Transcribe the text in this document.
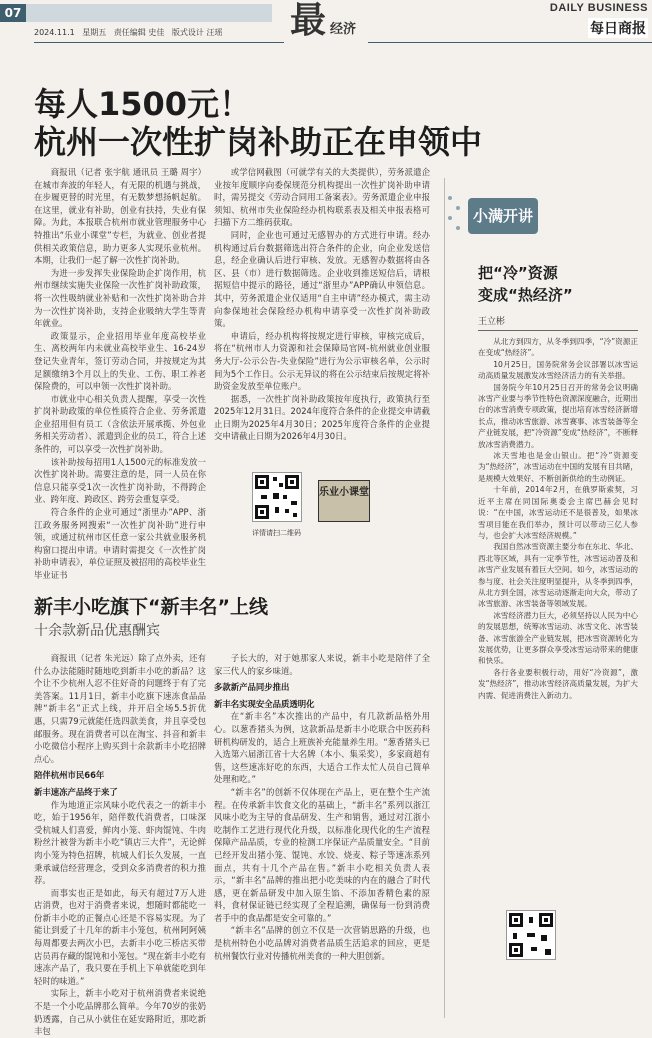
07
2024.11.1 星期五 责任编辑 史佳 版式设计 汪瑶 最 经济
DAILY BUSINESS
每日商报
每人1500元！
杭州一次性扩岗补助正在申领中

商报讯（记者 张宇航 通讯员 王璐 周宇）在城市奔波的年轻人，有无限的机遇与挑战，在步履更替的时光里，有无数梦想扬帆起航。在这里，就业有补助，创业有扶持，失业有保障。为此，本报联合杭州市就业管理服务中心特推出“乐业小课堂”专栏，为就业、创业者提供相关政策信息，助力更多人实现乐业杭州。本期，让我们一起了解一次性扩岗补助。

为进一步发挥失业保险助企扩岗作用，杭州市继续实施失业保险一次性扩岗补助政策，将一次性吸纳就业补贴和一次性扩岗补助合并为一次性扩岗补助，支持企业吸纳大学生等青年就业。

政策显示，企业招用毕业年度高校毕业生、离校两年内未就业高校毕业生、16-24岁登记失业青年，签订劳动合同，并按规定为其足额缴纳3个月以上的失业、工伤、职工养老保险费的，可以申领一次性扩岗补助。

市就业中心相关负责人提醒，享受一次性扩岗补助政策的单位性质符合企业、劳务派遣企业招用但有员工（含依法开展承揽、外包业务相关劳动者）、派遣到企业的员工，符合上述条件的，可以享受一次性扩岗补助。

该补助按每招用1人1500元的标准发放一次性扩岗补助。需要注意的是，同一人员在你信息只能享受1次一次性扩岗补助，不得跨企业、跨年度、跨政区、跨劳会重复享受。

符合条件的企业可通过“浙里办”APP、浙江政务服务网搜索“一次性扩岗补助”进行申领，或通过杭州市区任意一家公共就业服务机构窗口提出申请。申请时需提交《一次性扩岗补助申请表》，单位证照及被招用的高校毕业生毕业证书

或学信网截图（可就学有关的大类提供），劳务派遣企业按年度顺序向委保规范分机构提出一次性扩岗补助申请时，需另提交《劳动合同用工备案表》。劳务派遣企业申报须知、杭州市失业保险经办机构联系表及相关申报表格可扫描下方二维码获取。

同时，企业也可通过无感智办的方式进行申请。经办机构通过后台数据筛选出符合条件的企业，向企业发送信息，经企业确认后进行审核、发放。无感智办数据将由各区、县（市）进行数据筛选。企业收到推送短信后，请根据短信中提示的路径，通过“浙里办”APP确认申领信息。其中，劳务派遣企业仅适用“自主申请”经办模式，需主动向参保地社会保险经办机构申请享受一次性扩岗补助政策。

申请后，经办机构将按规定进行审核，审核完成后，将在“杭州市人力资源和社会保障局官网-杭州就业创业服务大厅-公示公告-失业保险”进行为公示审核名单，公示时间为5个工作日。公示无异议的将在公示结束后按规定将补助资金发放至单位账户。

据悉，一次性扩岗补助政策按年度执行，政策执行至2025年12月31日。2024年度符合条件的企业提交申请截止日期为2025年4月30日；2025年度符合条件的企业提交申请截止日期为2026年4月30日。

详情请扫二维码
乐业小课堂
新丰小吃旗下“新丰名”上线
十余款新品优惠酬宾

商报讯（记者 朱光远）除了点外卖，还有什么办法能随时随地吃到新丰小吃的新品？这个让不少杭州人忍不住好奇的问题终于有了完美答案。11月1日，新丰小吃旗下速冻食品品牌“新丰名”正式上线，并开启全场5.5折优惠，只需79元就能任选四款美食，并且享受包邮服务。现在消费者可以在淘宝、抖音和新丰小吃微信小程序上购买到十余款新丰小吃招牌点心。

陪伴杭州市民66年

新丰速冻产品终于来了

作为地道正宗风味小吃代表之一的新丰小吃，始于1956年，陪伴数代消费者，口味深受杭城人们喜爱，鲜肉小笼、虾肉馄饨、牛肉粉丝汁被誉为新丰小吃“镇店三大件”，无论鲜肉小笼为特色招牌，杭城人们长久发展，一直秉承诚信经营理念，受到众多消费者的积力推荐。

而事实也正是如此，每天有超过7万人进店消费，也对于消费者来说，想随时都能吃一份新丰小吃的正餐点心还是不容易实现。为了能让到爱了十几年的新丰小笼包，杭州阿阿姨每周都要去两次小巴，去新丰小吃三桥店买带店员再存藏的馄饨和小笼包。“现在新丰小吃有速冻产品了，我只要在手机上下单就能吃到年轻时的味道。”

实际上，新丰小吃对于杭州消费者来说绝不是一个小吃品牌那么简单。今年70岁的张奶奶透露，自己从小就住在延安路附近，那吃新丰包

子长大的，对于她那家人来说，新丰小吃是陪伴了全家三代人的家乡味道。

多款新产品同步推出

新丰名实现安全品质透明化

在“新丰名”本次推出的产品中，有几款新品格外用心。以葱香猪头为例，这款新品是新丰小吃联合中医药科研机构研发的，适合上班族补充能量养生用。“葱香猪头已入选第六届浙江省十大名牌（本小、集采奖），多家商超有售，这些速冻好吃的东西，大适合工作太忙人员自己简单处理和吃。”

“新丰名”的创新不仅体现在产品上，更在整个生产流程。在传承新丰饮食文化的基础上，“新丰名”系列以浙江风味小吃为主导的食品研发、生产和销售，通过对江浙小吃制作工艺进行现代化升级，以标准化现代化的生产流程保障产品品质，专业的检测工序保证产品质量安全。“目前已经开发出猪小笼、馄饨、水饺、烧麦、粽子等速冻系列面点，共有十几个产品在售。”新丰小吃相关负责人表示，“新丰名”品牌的推出把小吃美味的内在的融合了时代感，更在新品研发中加入原生馅、不添加香精色素的原料，食材保证链已经实现了全程追溯，确保每一份到消费者手中的食品都是安全可靠的。”

“新丰名”品牌的创立不仅是一次营销思路的升级，也是杭州特色小吃品牌对消费者品质生活追求的回应，更是杭州餐饮行业对传播杭州美食的一种大胆创新。

小满开讲
把“冷”资源
变成“热经济”
王立彬

从北方到四方，从冬季到四季，“冷”资源正在变成“热经济”。

10月25日，国务院常务会议部署以冰雪运动高质量发展激发冰雪经济活力的有关举措。

国务院今年10月25日召开的常务会议明确冰雪产业要与季节性特色资源深度融合，近期出台的冰雪消费专项政策，提出培育冰雪经济新增长点，推动冰雪旅游、冰雪赛事、冰雪装备等全产业链发展，把“冷资源”变成“热经济”，不断释放冰雪消费潜力。

冰天雪地也是金山银山。把“冷”资源变为“热经济”，冰雪运动在中国的发展有目共睹，是规模大效果好、不断创新供给的生动例证。

十年前，2014年2月，在俄罗斯索契，习近平主席在同国际奥委会主席巴赫会见时说：“在中国，冰雪运动还不是很普及，如果冰雪项目能在我们举办，预计可以带动三亿人参与，也会扩大冰雪经济规模。”

我国自然冰雪资源主要分布在东北、华北、西北等区域，具有一定季节性，冰雪运动普及和冰雪产业发展有着巨大空间。如今，冰雪运动的参与度、社会关注度明显提升，从冬季到四季，从北方到全国，冰雪运动逐渐走向大众，带动了冰雪旅游、冰雪装备等领域发展。

冰雪经济潜力巨大，必须坚持以人民为中心的发展思想，统筹冰雪运动、冰雪文化、冰雪装备、冰雪旅游全产业链发展，把冰雪资源转化为发展优势，让更多群众享受冰雪运动带来的健康和快乐。

各行各业要积极行动，用好“冷资源”，激发“热经济”，推动冰雪经济高质量发展，为扩大内需、促进消费注入新动力。
